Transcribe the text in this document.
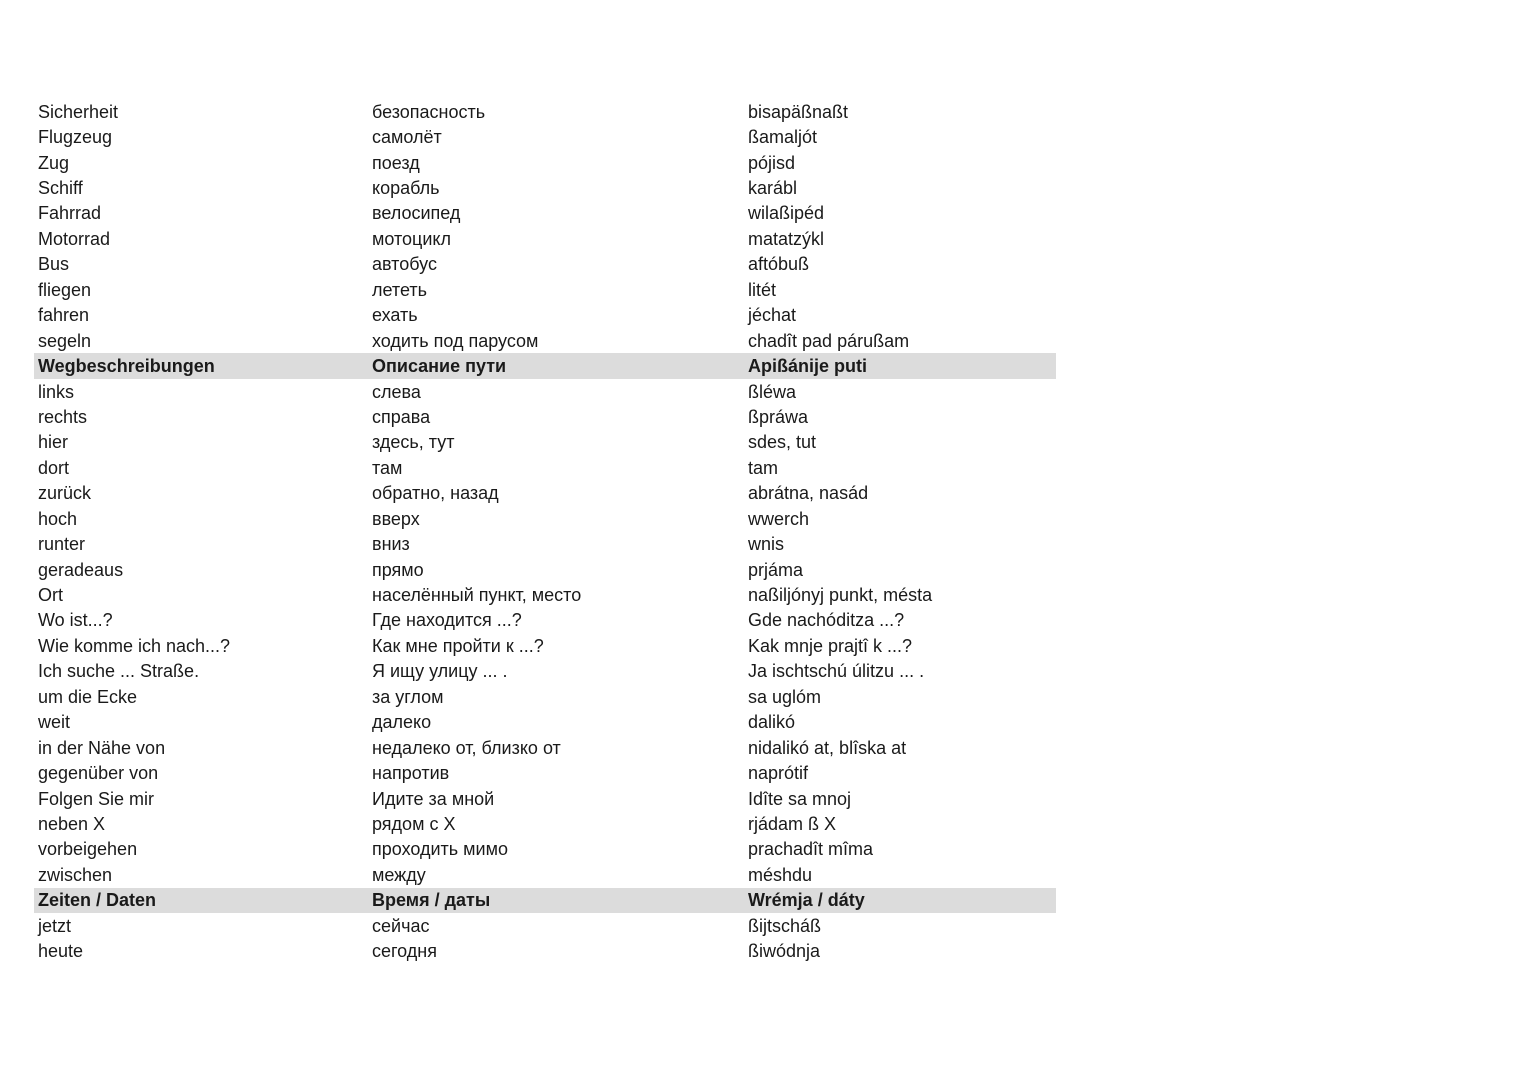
Sicherheit	безопасность	bisapäßnaßt
Flugzeug	самолёт	ßamaljót
Zug	поезд	pójisd
Schiff	корабль	karábl
Fahrrad	велосипед	wilaßipéd
Motorrad	мотоцикл	matatzýkl
Bus	автобус	aftóbuß
fliegen	лететь	litét
fahren	ехать	jéchat
segeln	ходить под парусом	chadît pad párußam
Wegbeschreibungen	Описание пути	Apißánije puti
links	слева	ßléwa
rechts	справа	ßpráwa
hier	здесь, тут	sdes, tut
dort	там	tam
zurück	обратно, назад	abrátna, nasád
hoch	вверх	wwerch
runter	вниз	wnis
geradeaus	прямо	prjáma
Ort	населённый пункт, место	naßiljónyj punkt, mésta
Wo ist...?	Где находится ...?	Gde nachóditza ...?
Wie komme ich nach...?	Как мне пройти к ...?	Kak mnje prajtî k ...?
Ich suche ... Straße.	Я ищу улицу ... .	Ja ischtschú úlitzu ... .
um die Ecke	за углом	sa uglóm
weit	далеко	dalikó
in der Nähe von	недалеко от, близко от	nidalikó at, blîska at
gegenüber von	напротив	naprótif
Folgen Sie mir	Идите за мной	Idîte sa mnoj
neben X	рядом с X	rjádam ß X
vorbeigehen	проходить мимо	prachadît mîma
zwischen	между	méshdu
Zeiten / Daten	Время / даты	Wrémja / dáty
jetzt	сейчас	ßijtscháß
heute	сегодня	ßiwódnja
